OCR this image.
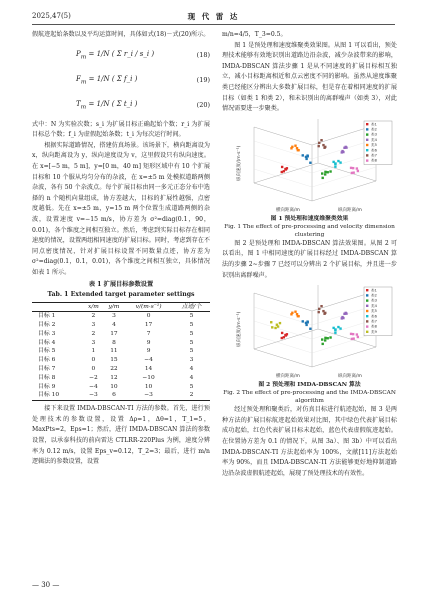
2025,47(5)	现 代 雷 达

假航迹起始条数以及平均运算时间，具体如式(18)－式(20)所示。

$P_m = 1/N$ ( Σ r_i / s_i )	(18)
$F_m = 1/N$ ( Σ f_i )	(19)
$T_m = 1/N$ ( Σ t_i )	(20)

式中：N 为实验次数；s_i 为扩展目标正确起始个数；r_i 为扩展目标总个数；f_i 为虚假起始条数；t_i 为每次运行时间。

根据实际道路情况，搭建仿真场景。该场景下，横向距离设为 x，纵向距离设为 y，纵向速度设为 v，这里假设只有纵向速度。在 x=[−5 m，5 m]，y=[0 m，40 m] 矩形区域中有 10 个扩展目标和 10 个服从均匀分布的杂波，在 x=±5 m 处模拟道路两侧杂波，各有 50 个杂波点。每个扩展目标由同一多元正态分布中选择的 n 个随机向量组成，协方差越大，目标的扩展性越强，点密度越低。先在 x=±5 m，y=15 m 两个位置生成道路两侧的杂波，设置速度 v=−15 m/s，协方差为 σ²=diag(0.1，90，0.01)，各个维度之间相互独立。然后，考虑到实际目标存在相同速度的情况，设置两组相同速度的扩展目标。同时，考虑到存在不同点密度情况，针对扩展目标设置不同数量点迹，协方差为 σ²=diag(0.1，0.1，0.01)，各个维度之间相互独立，具体情况如表 1 所示。

表 1 扩展目标参数设置
Tab. 1 Extended target parameter settings
	x/m	y/m	v/(m·s⁻¹)	点迹/个
目标 1	2	3	0	5
目标 2	3	4	17	5
目标 3	2	17	7	5
目标 4	3	8	9	5
目标 5	1	11	9	5
目标 6	0	15	−4	3
目标 7	0	22	14	4
目标 8	−2	12	−10	4
目标 9	−4	10	10	5
目标 10	−3	6	−3	2

接下来设置 IMDA-DBSCAN-TI 方法的参数。首先，进行预处理技术的参数设置，设置 Δρ=1，Δθ=1，T_1=5，MaxPts=2，Eps=1；然后，进行 IMDA-DBSCAN 算法的参数设置，以承泰科技的前向雷达 CTLRR-220Plus 为例，速度分辨率为 0.12 m/s，设置 Eps_v=0.12，T_2=3；最后，进行 m/n 逻辑法的参数设置，设置

m/n=4/5，T_3=0.5。

图 1 是预处理和速度维聚类效果图。从图 1 可以看出，预处理技术能够有效地识别出道路边沿杂波，减少杂波带来的影响，IMDA-DBSCAN 算法步骤 1 是从不同速度的扩展目标相互独立，减小目标距离相近和点云密度不同的影响。虽然从速度维聚类已经能区分辨出大多数扩展目标，但是存在着相同速度的扩展目标（如类 1 和类 2），和未识别出的离群噪声（如类 3），对此情况需要进一步聚类。

类1
类2
类3
类4
类5
类6
类7
类8
横向距离/m	纵向距离/m
纵向速度/(m·s⁻¹)
图 1 预处理和速度维聚类效果
Fig. 1 The effect of pre-processing and velocity dimension
clustering

图 2 是预处理和 IMDA-DBSCAN 算法效果图。从图 2 可以看出，图 1 中相同速度的扩展目标经过 IMDA-DBSCAN 算法的步骤 2~步骤 7 已经可以分辨出 2 个扩展目标，并且进一步识别出离群噪声。

类1
类2
类3
类4
类5
类6
类7
类8
类9
横向距离/m	纵向距离/m
纵向速度/(m·s⁻¹)
图 2 预处理和 IMDA-DBSCAN 算法
Fig. 2 The effect of pre-processing and the IMDA-DBSCAN
algorithm

经过预处理和聚类后，对仿真目标进行航迹起始，图 3 是两种方法的扩展目标航迹起始效果对比图，其中绿色代表扩展目标成功起始，红色代表扩展目标未起始，蓝色代表虚假航迹起始。在位置协方差为 0.1 的情况下，从图 3a）、图 3b）中可以看出 IMDA-DBSCAN-TI 方法起始率为 100%，文献[11]方法起始率为 90%，而且 IMDA-DBSCAN-TI 方法能够更好地抑制道路边沿杂波虚假航迹起始，展现了预处理技术的有效性。

— 30 —
